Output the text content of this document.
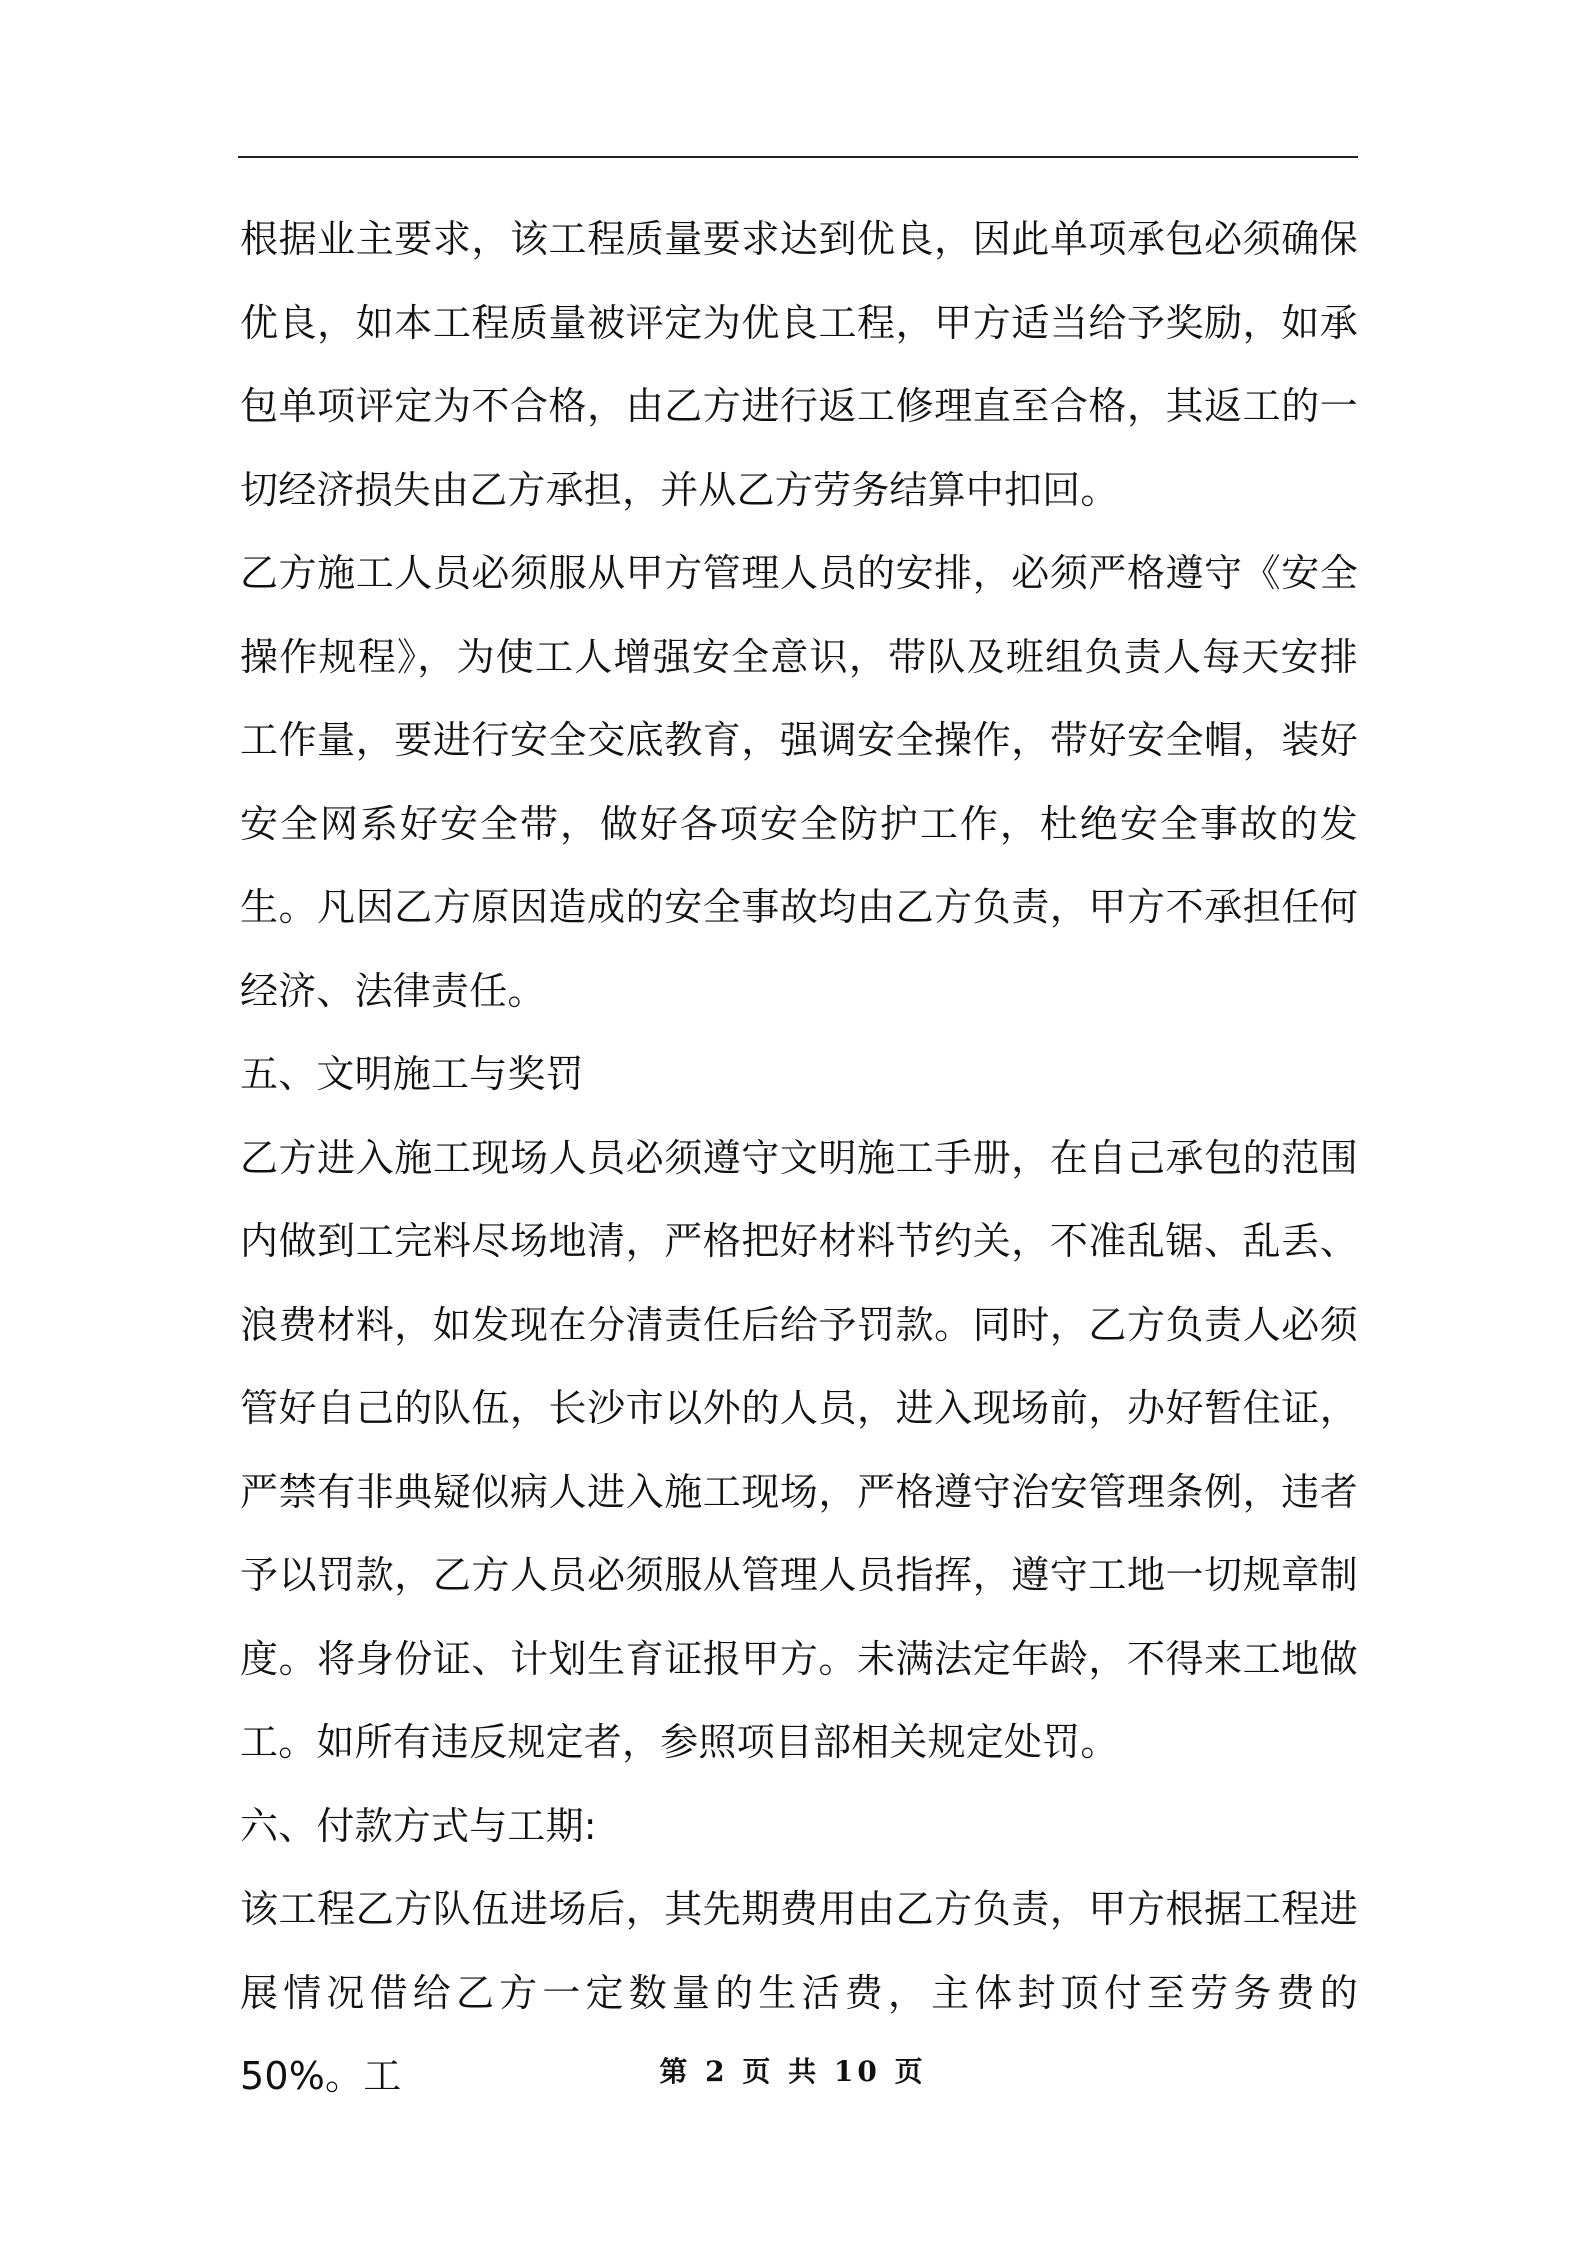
根据业主要求，该工程质量要求达到优良，因此单项承包必须确保优良，如本工程质量被评定为优良工程，甲方适当给予奖励，如承包单项评定为不合格，由乙方进行返工修理直至合格，其返工的一切经济损失由乙方承担，并从乙方劳务结算中扣回。

乙方施工人员必须服从甲方管理人员的安排，必须严格遵守《安全操作规程》，为使工人增强安全意识，带队及班组负责人每天安排工作量，要进行安全交底教育，强调安全操作，带好安全帽，装好安全网系好安全带，做好各项安全防护工作，杜绝安全事故的发生。凡因乙方原因造成的安全事故均由乙方负责，甲方不承担任何经济、法律责任。

五、文明施工与奖罚

乙方进入施工现场人员必须遵守文明施工手册，在自己承包的范围内做到工完料尽场地清，严格把好材料节约关，不准乱锯、乱丢、浪费材料，如发现在分清责任后给予罚款。同时，乙方负责人必须管好自己的队伍，长沙市以外的人员，进入现场前，办好暂住证，严禁有非典疑似病人进入施工现场，严格遵守治安管理条例，违者予以罚款，乙方人员必须服从管理人员指挥，遵守工地一切规章制度。将身份证、计划生育证报甲方。未满法定年龄，不得来工地做工。如所有违反规定者，参照项目部相关规定处罚。

六、付款方式与工期:

该工程乙方队伍进场后，其先期费用由乙方负责，甲方根据工程进展情况借给乙方一定数量的生活费，主体封顶付至劳务费的 50%。工	第 2 页 共 10 页
